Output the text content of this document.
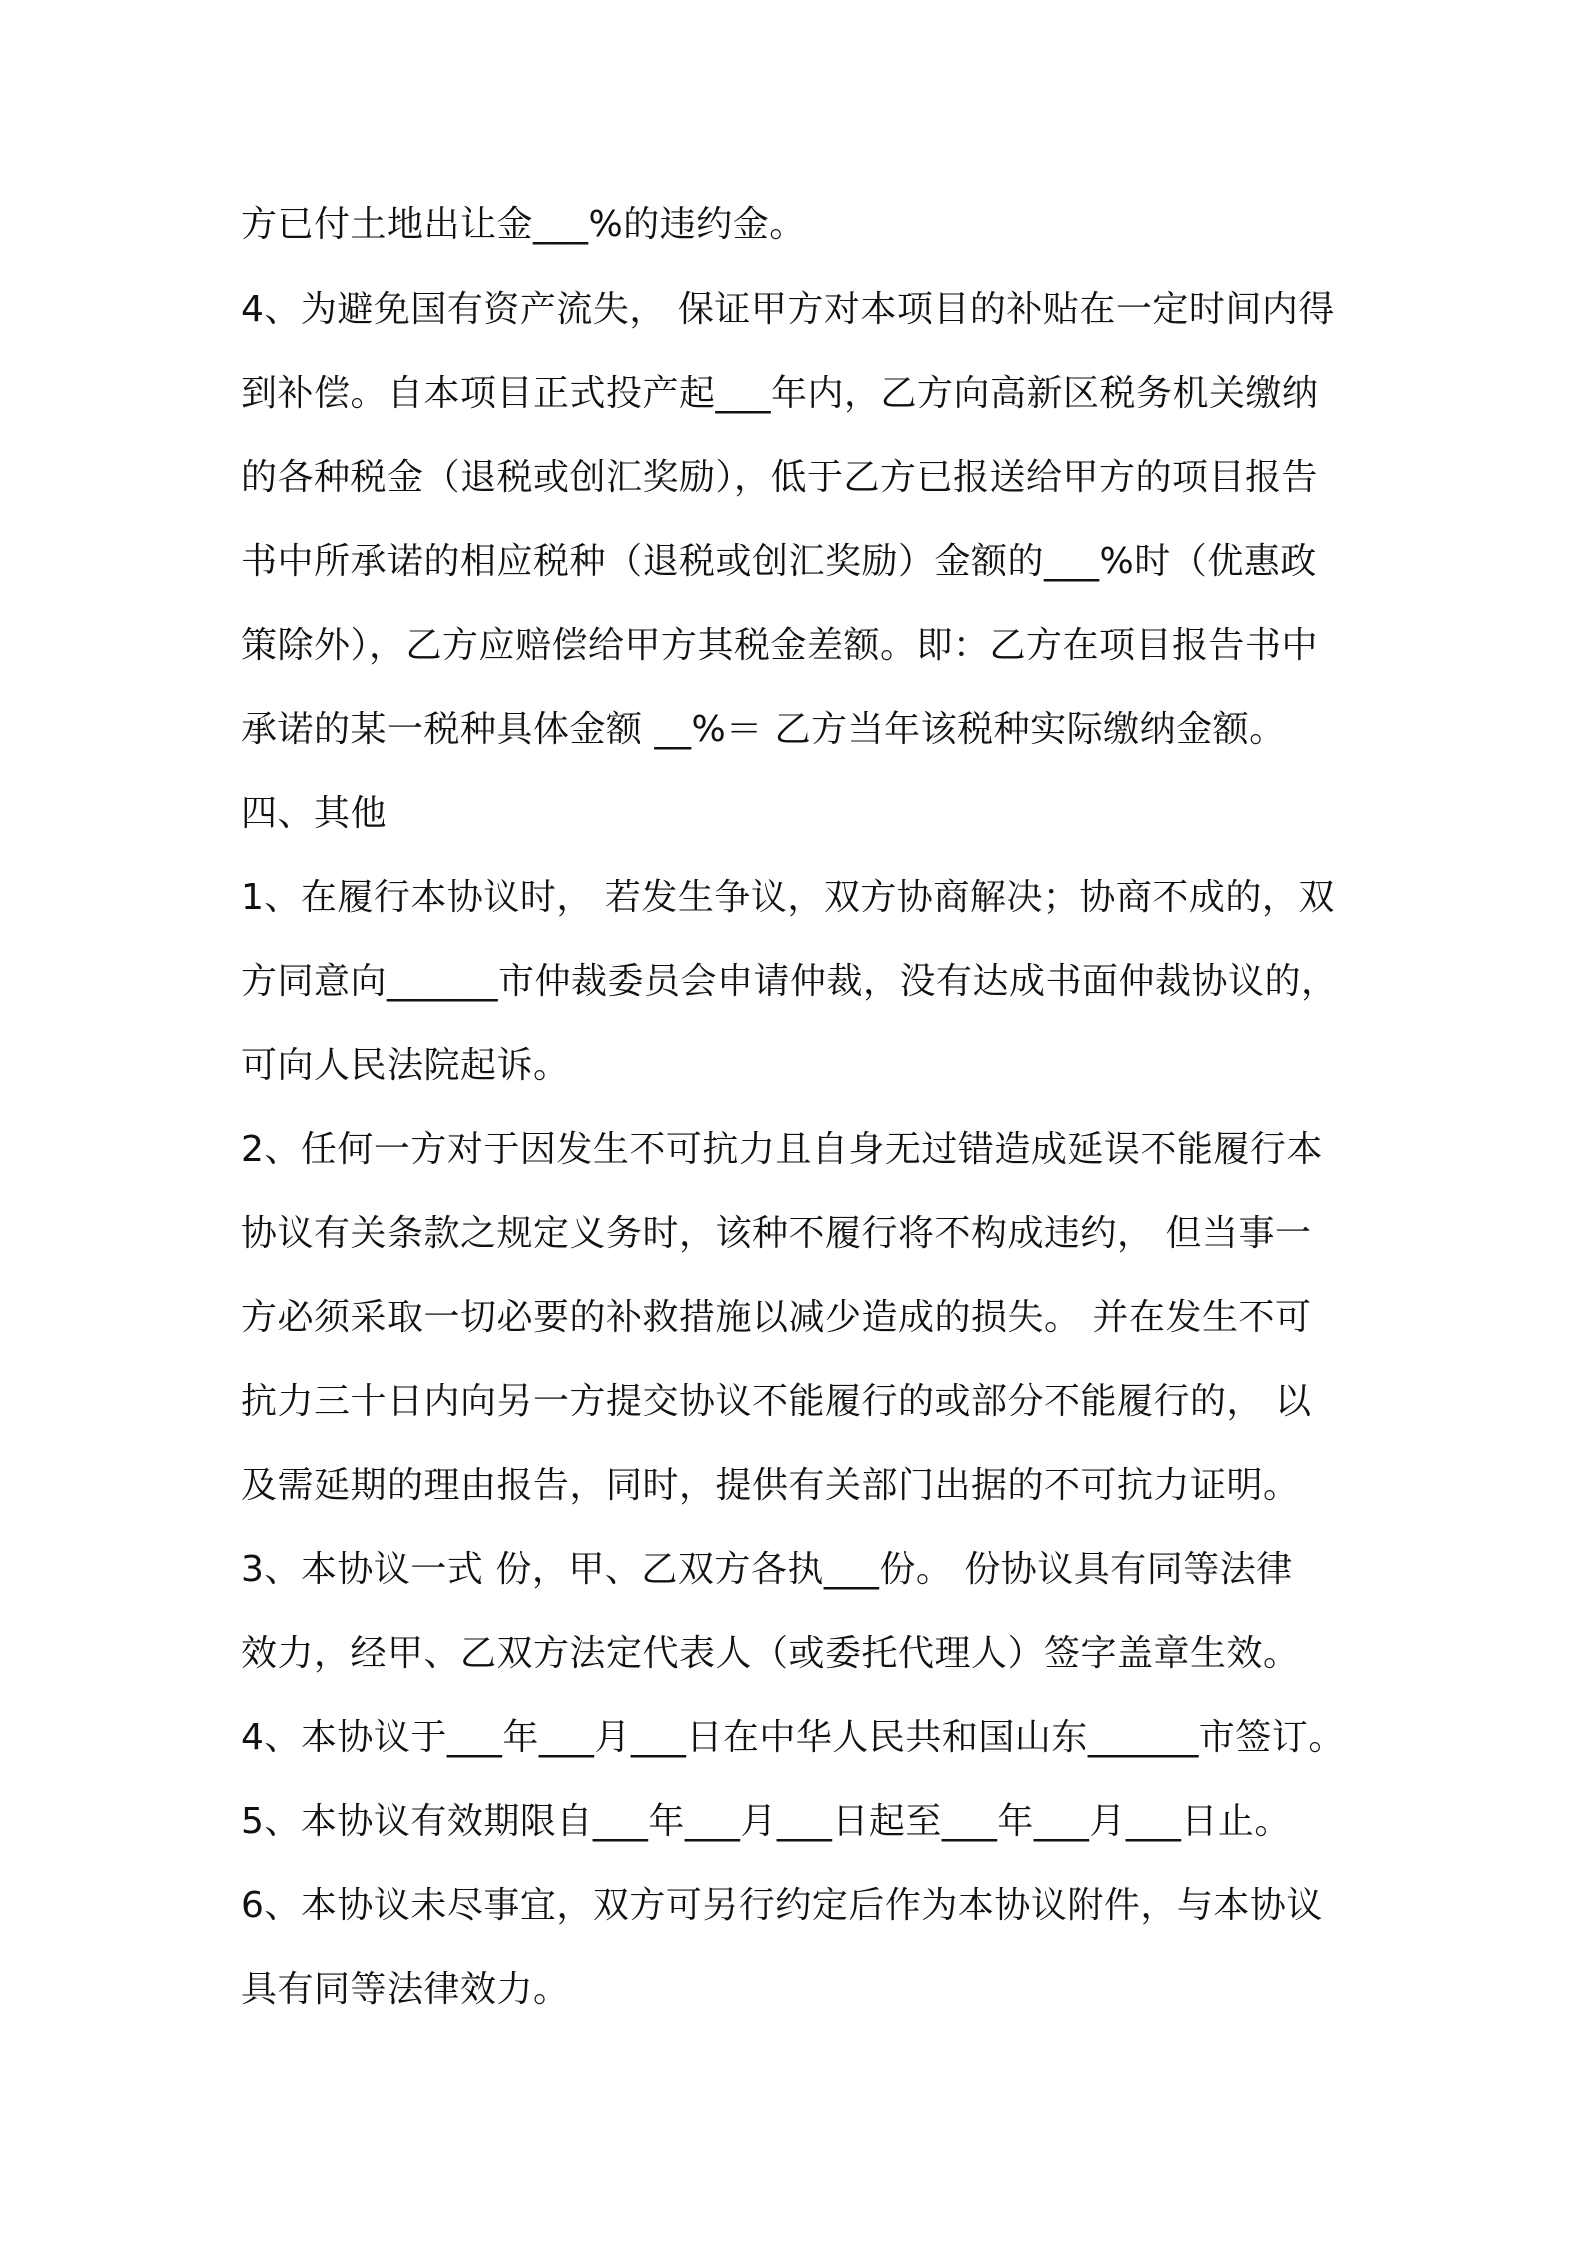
方已付土地出让金___%的违约金。
4、为避免国有资产流失， 保证甲方对本项目的补贴在一定时间内得
到补偿。自本项目正式投产起___年内，乙方向高新区税务机关缴纳
的各种税金（退税或创汇奖励），低于乙方已报送给甲方的项目报告
书中所承诺的相应税种（退税或创汇奖励）金额的___%时（优惠政
策除外），乙方应赔偿给甲方其税金差额。即：乙方在项目报告书中
承诺的某一税种具体金额 __%＝ 乙方当年该税种实际缴纳金额。
四、其他
1、在履行本协议时， 若发生争议，双方协商解决；协商不成的，双
方同意向______市仲裁委员会申请仲裁，没有达成书面仲裁协议的，
可向人民法院起诉。
2、任何一方对于因发生不可抗力且自身无过错造成延误不能履行本
协议有关条款之规定义务时，该种不履行将不构成违约， 但当事一
方必须采取一切必要的补救措施以减少造成的损失。 并在发生不可
抗力三十日内向另一方提交协议不能履行的或部分不能履行的， 以
及需延期的理由报告，同时，提供有关部门出据的不可抗力证明。
3、本协议一式 份，甲、乙双方各执___份。 份协议具有同等法律
效力，经甲、乙双方法定代表人（或委托代理人）签字盖章生效。
4、本协议于___年___月___日在中华人民共和国山东______市签订。
5、本协议有效期限自___年___月___日起至___年___月___日止。
6、本协议未尽事宜，双方可另行约定后作为本协议附件，与本协议
具有同等法律效力。
